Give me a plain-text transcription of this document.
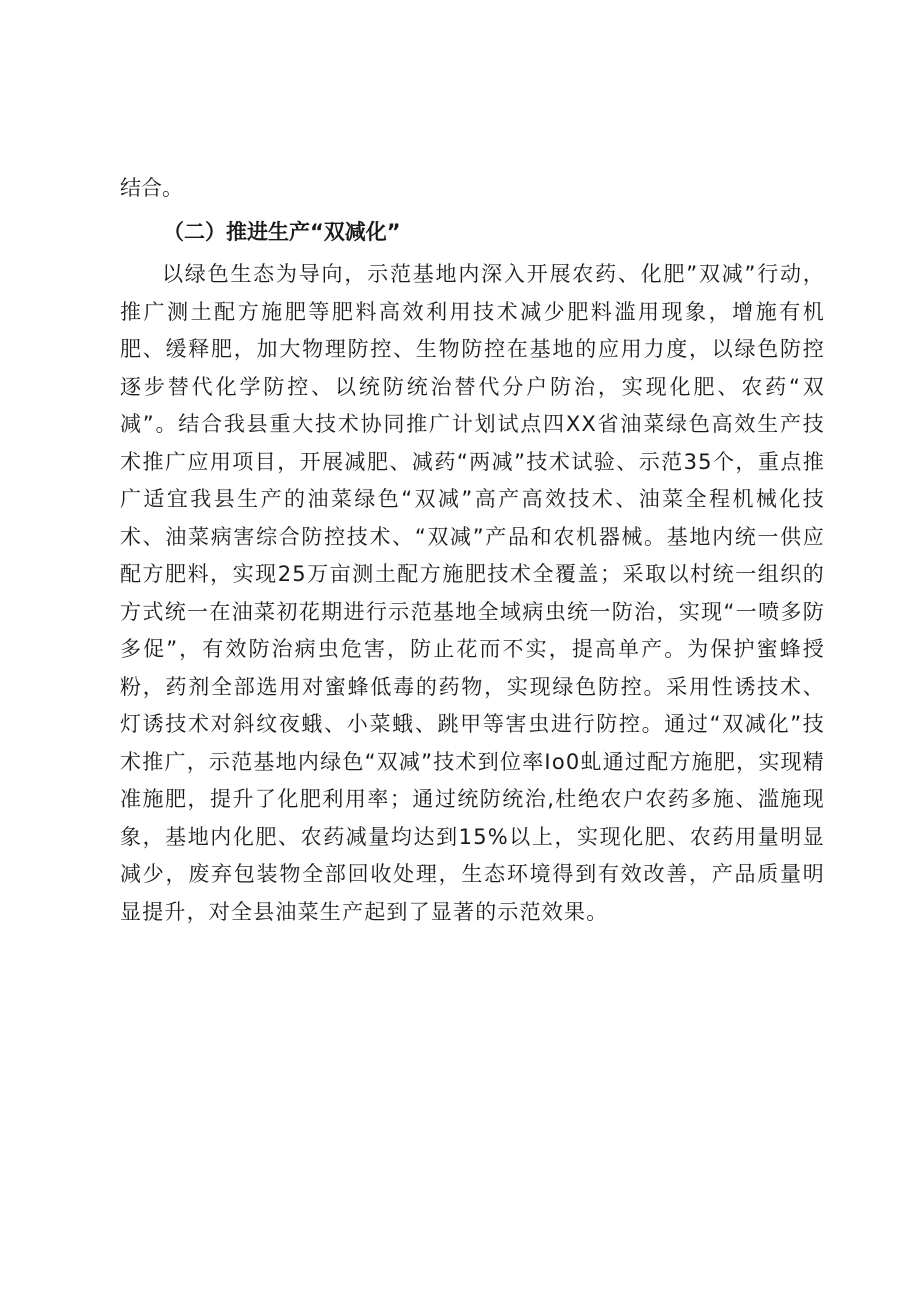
结合。

（二）推进生产“双减化”

以绿色生态为导向，示范基地内深入开展农药、化肥”双减”行动，推广测土配方施肥等肥料高效利用技术减少肥料滥用现象，增施有机肥、缓释肥，加大物理防控、生物防控在基地的应用力度，以绿色防控逐步替代化学防控、以统防统治替代分户防治，实现化肥、农药“双减”。结合我县重大技术协同推广计划试点四XX省油菜绿色高效生产技术推广应用项目，开展减肥、减药“两减”技术试验、示范35个，重点推广适宜我县生产的油菜绿色“双减”高产高效技术、油菜全程机械化技术、油菜病害综合防控技术、“双减”产品和农机器械。基地内统一供应配方肥料，实现25万亩测土配方施肥技术全覆盖；采取以村统一组织的方式统一在油菜初花期进行示范基地全域病虫统一防治，实现“一喷多防多促”，有效防治病虫危害，防止花而不实，提高单产。为保护蜜蜂授粉，药剂全部选用对蜜蜂低毒的药物，实现绿色防控。采用性诱技术、灯诱技术对斜纹夜蛾、小菜蛾、跳甲等害虫进行防控。通过“双减化”技术推广，示范基地内绿色“双减”技术到位率Io0虬通过配方施肥，实现精准施肥，提升了化肥利用率；通过统防统治,杜绝农户农药多施、滥施现象，基地内化肥、农药减量均达到15%以上，实现化肥、农药用量明显减少，废弃包装物全部回收处理，生态环境得到有效改善，产品质量明显提升，对全县油菜生产起到了显著的示范效果。
